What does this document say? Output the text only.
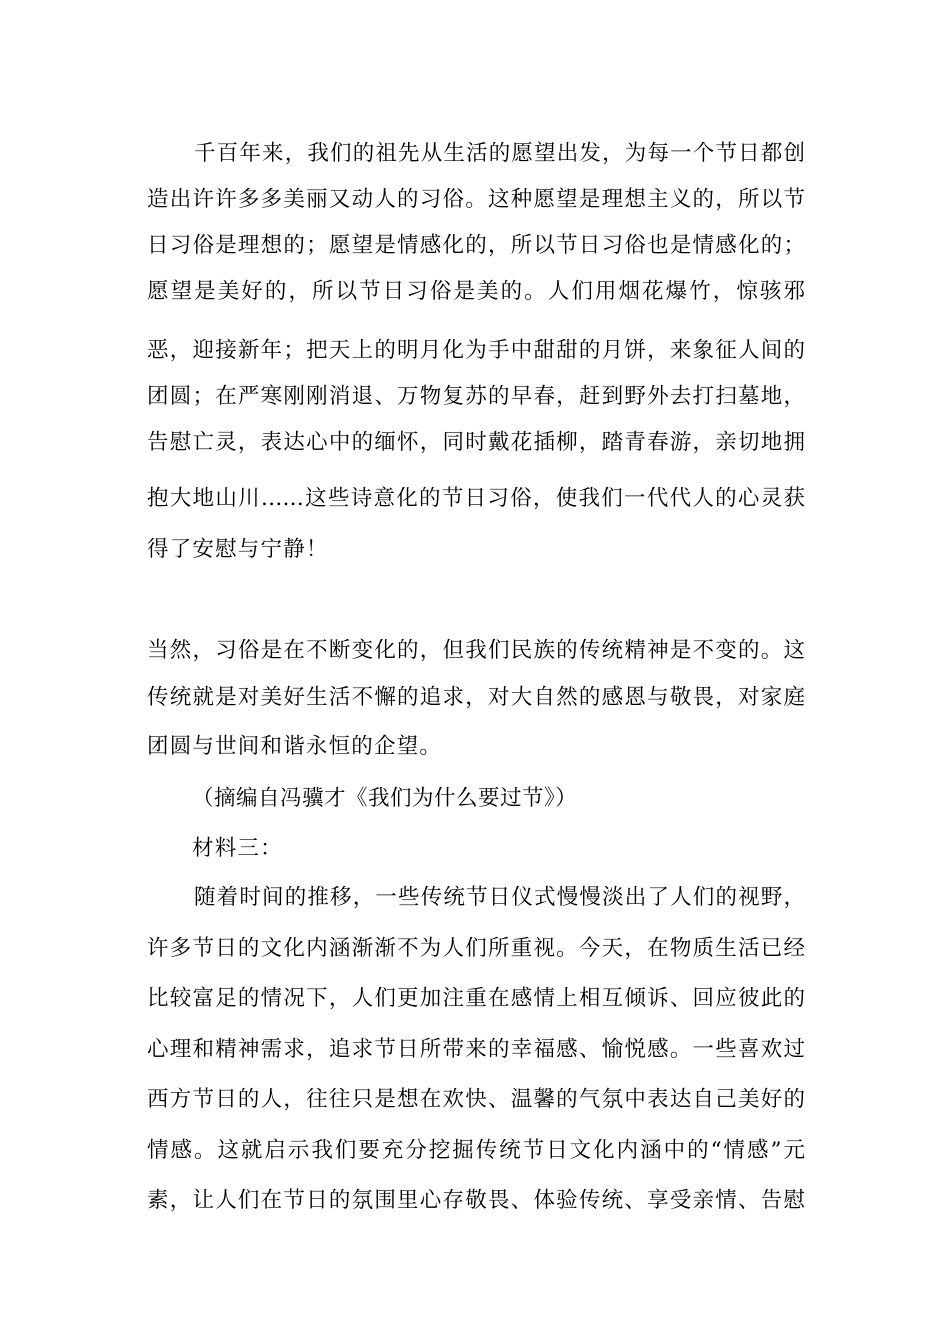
千百年来，我们的祖先从生活的愿望出发，为每一个节日都创
造出许许多多美丽又动人的习俗。这种愿望是理想主义的，所以节
日习俗是理想的；愿望是情感化的，所以节日习俗也是情感化的；
愿望是美好的，所以节日习俗是美的。人们用烟花爆竹，惊骇邪
恶，迎接新年；把天上的明月化为手中甜甜的月饼，来象征人间的
团圆；在严寒刚刚消退、万物复苏的早春，赶到野外去打扫墓地，
告慰亡灵，表达心中的缅怀，同时戴花插柳，踏青春游，亲切地拥
抱大地山川……这些诗意化的节日习俗，使我们一代代人的心灵获
得了安慰与宁静！
当然，习俗是在不断变化的，但我们民族的传统精神是不变的。这
传统就是对美好生活不懈的追求，对大自然的感恩与敬畏，对家庭
团圆与世间和谐永恒的企望。
（摘编自冯骥才《我们为什么要过节》）
材料三：
随着时间的推移，一些传统节日仪式慢慢淡出了人们的视野，
许多节日的文化内涵渐渐不为人们所重视。今天，在物质生活已经
比较富足的情况下，人们更加注重在感情上相互倾诉、回应彼此的
心理和精神需求，追求节日所带来的幸福感、愉悦感。一些喜欢过
西方节日的人，往往只是想在欢快、温馨的气氛中表达自己美好的
情感。这就启示我们要充分挖掘传统节日文化内涵中的“情感”元
素，让人们在节日的氛围里心存敬畏、体验传统、享受亲情、告慰
